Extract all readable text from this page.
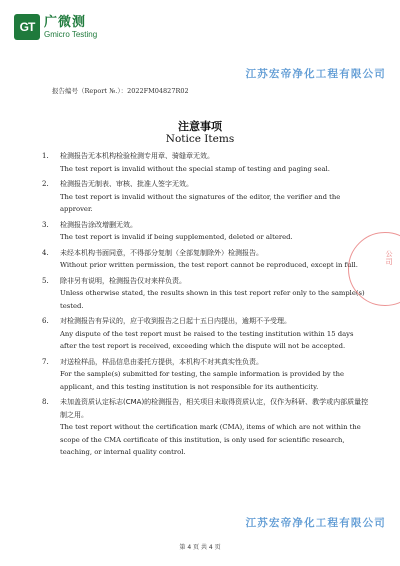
GT 广微测
Gmicro Testing
江苏宏帝净化工程有限公司
报告编号（Report №.）：2022FM04827R02
注意事项
Notice Items
1.	检测报告无本机构检验检测专用章、骑缝章无效。
The test report is invalid without the special stamp of testing and paging seal.
2.	检测报告无制表、审核、批准人签字无效。
The test report is invalid without the signatures of the editor, the verifier and the approver.
3.	检测报告涂改增删无效。
The test report is invalid if being supplemented, deleted or altered.
4.	未经本机构书面同意，不得部分复制（全部复制除外）检测报告。
Without prior written permission, the test report cannot be reproduced, except in full.
5.	除非另有说明，检测报告仅对来样负责。
Unless otherwise stated, the results shown in this test report refer only to the sample(s) tested.
6.	对检测报告有异议的，应于收到报告之日起十五日内提出，逾期不予受理。
Any dispute of the test report must be raised to the testing institution within 15 days after the test report is received, exceeding which the dispute will not be accepted.
7.	对送检样品，样品信息由委托方提供，本机构不对其真实性负责。
For the sample(s) submitted for testing, the sample information is provided by the applicant, and this testing institution is not responsible for its authenticity.
8.	未加盖资质认定标志(CMA)的检测报告，相关项目未取得资质认定，仅作为科研、教学或内部质量控制之用。
The test report without the certification mark (CMA), items of which are not within the scope of the CMA certificate of this institution, is only used for scientific research, teaching, or internal quality control.
公司
江苏宏帝净化工程有限公司
第 4 页 共 4 页
